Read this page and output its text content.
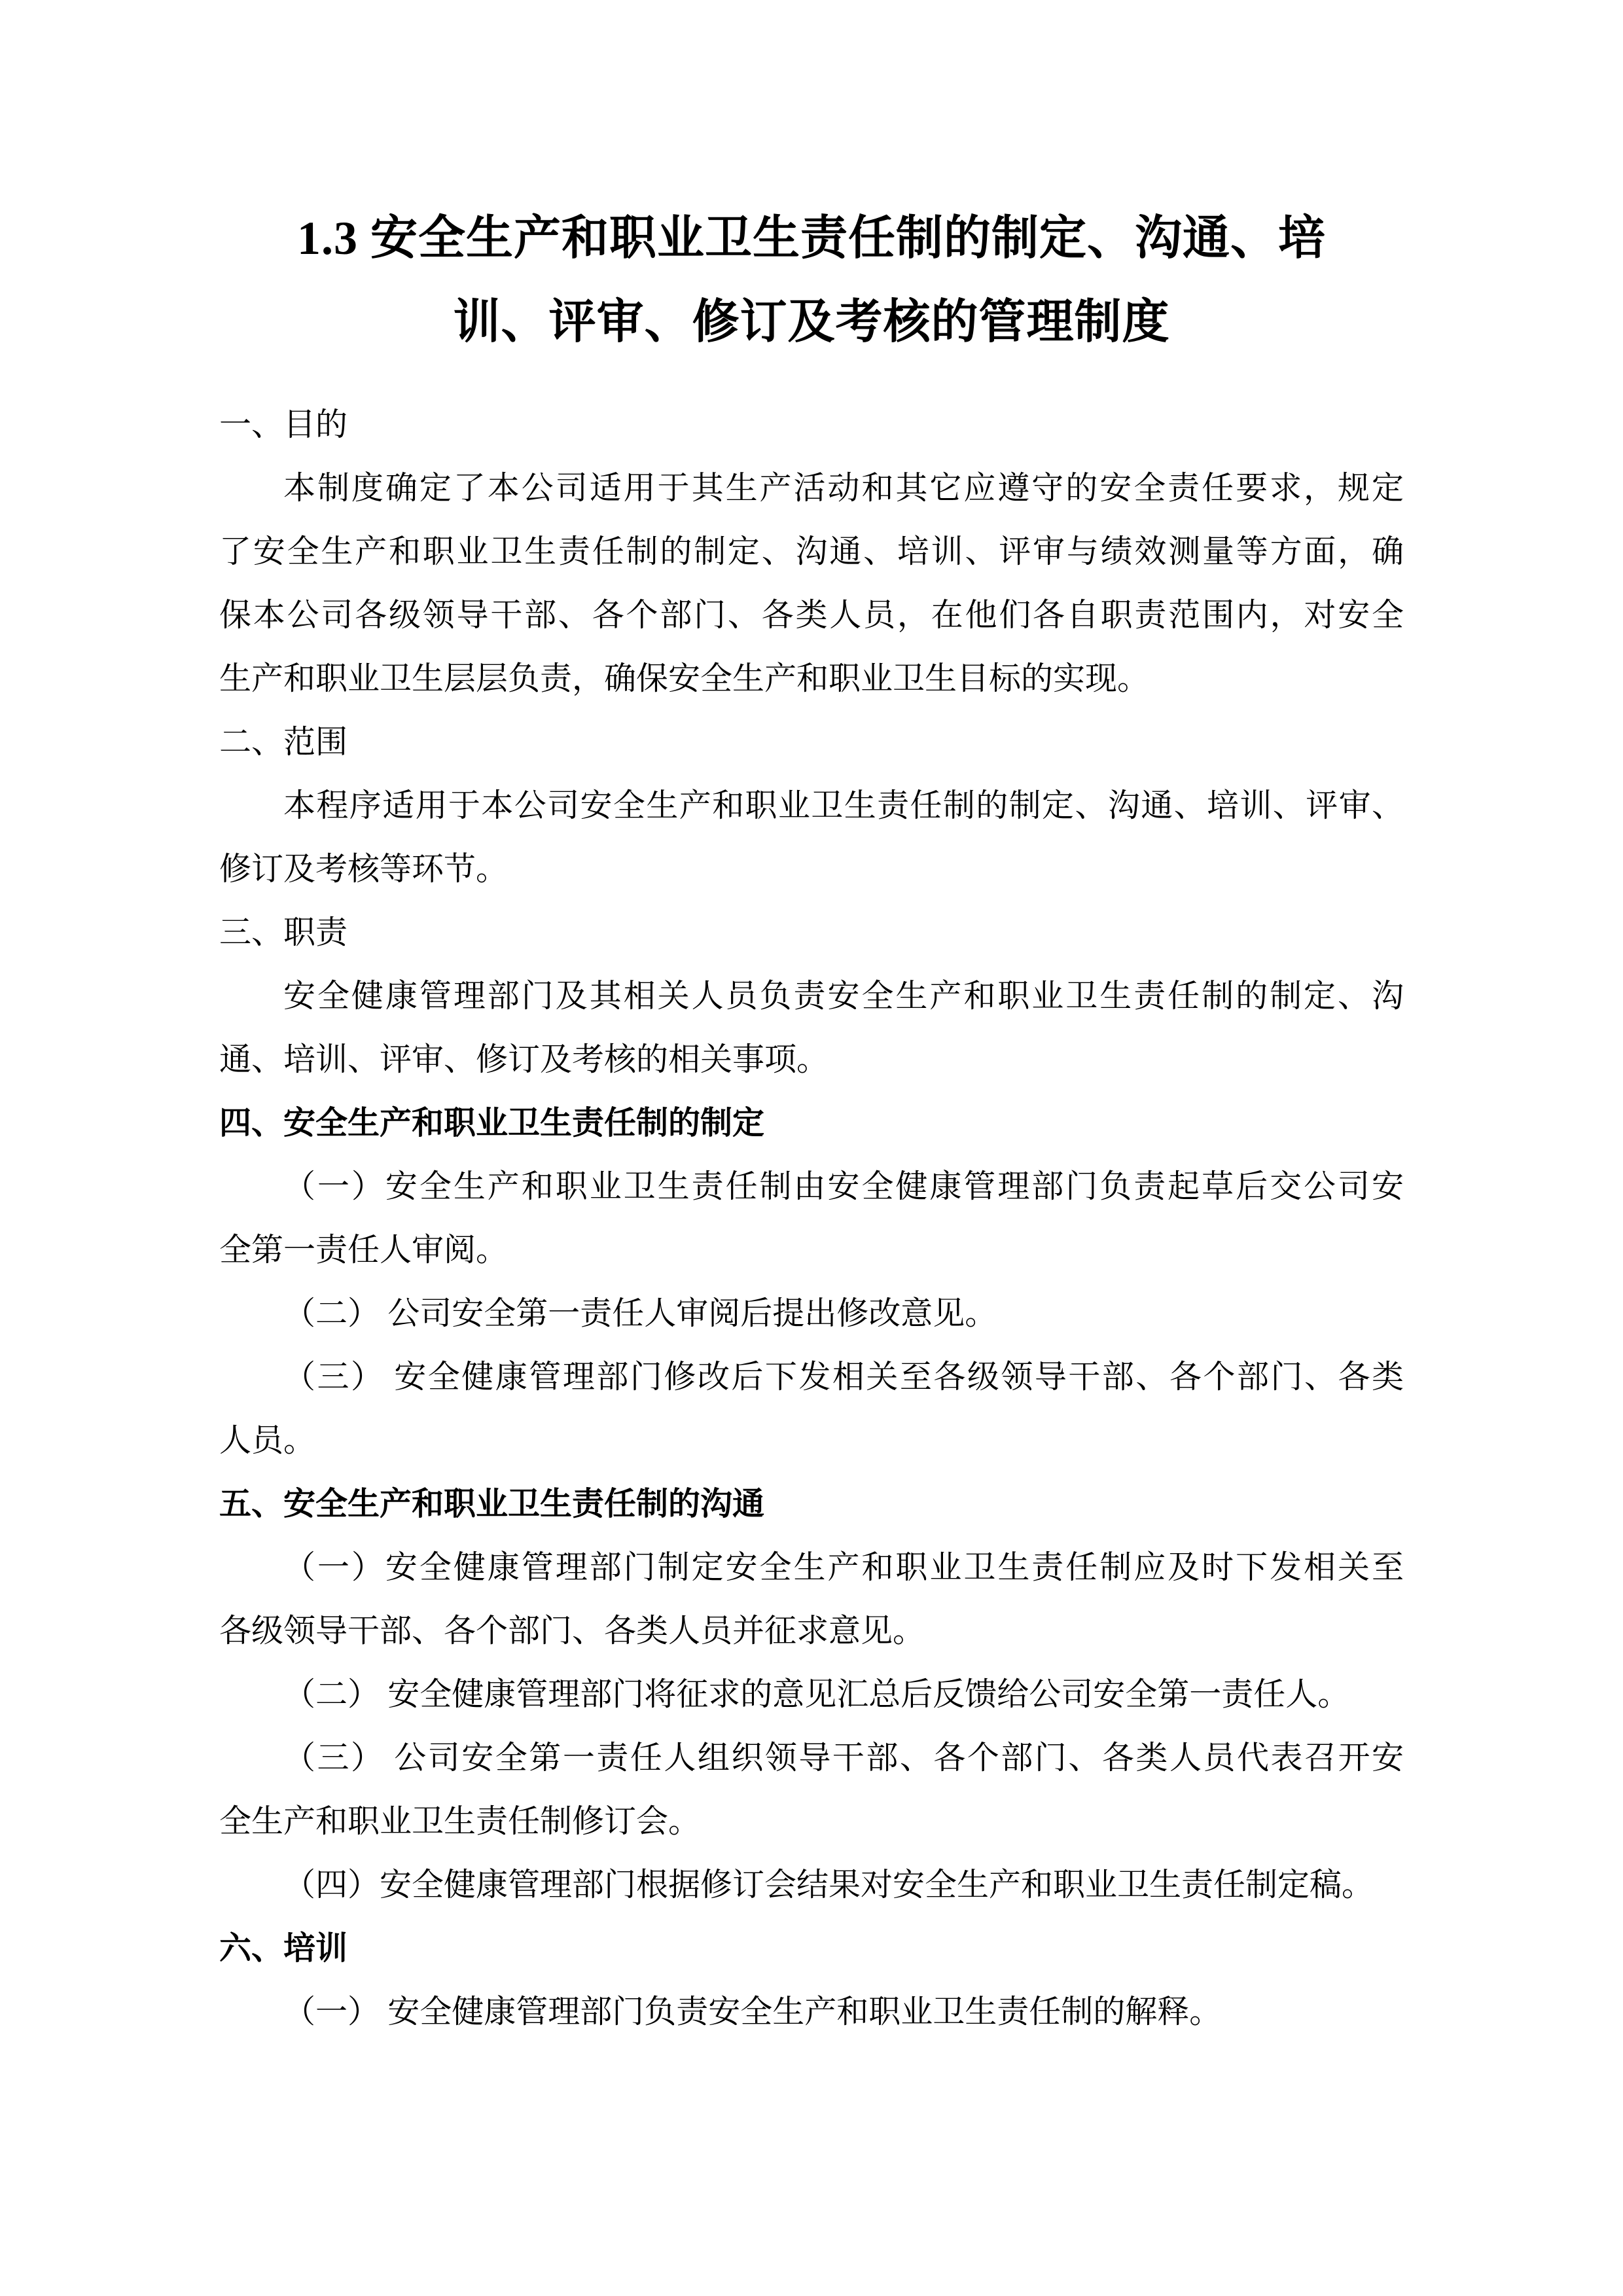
1.3 安全生产和职业卫生责任制的制定、沟通、培
训、评审、修订及考核的管理制度
一、目的
本制度确定了本公司适用于其生产活动和其它应遵守的安全责任要求，规定
了安全生产和职业卫生责任制的制定、沟通、培训、评审与绩效测量等方面，确
保本公司各级领导干部、各个部门、各类人员，在他们各自职责范围内，对安全
生产和职业卫生层层负责，确保安全生产和职业卫生目标的实现。
二、范围
本程序适用于本公司安全生产和职业卫生责任制的制定、沟通、培训、评审、
修订及考核等环节。
三、职责
安全健康管理部门及其相关人员负责安全生产和职业卫生责任制的制定、沟
通、培训、评审、修订及考核的相关事项。
四、安全生产和职业卫生责任制的制定
（一）安全生产和职业卫生责任制由安全健康管理部门负责起草后交公司安
全第一责任人审阅。
（二） 公司安全第一责任人审阅后提出修改意见。
（三） 安全健康管理部门修改后下发相关至各级领导干部、各个部门、各类
人员。
五、安全生产和职业卫生责任制的沟通
（一）安全健康管理部门制定安全生产和职业卫生责任制应及时下发相关至
各级领导干部、各个部门、各类人员并征求意见。
（二） 安全健康管理部门将征求的意见汇总后反馈给公司安全第一责任人。
（三） 公司安全第一责任人组织领导干部、各个部门、各类人员代表召开安
全生产和职业卫生责任制修订会。
（四）安全健康管理部门根据修订会结果对安全生产和职业卫生责任制定稿。
六、培训
（一） 安全健康管理部门负责安全生产和职业卫生责任制的解释。
